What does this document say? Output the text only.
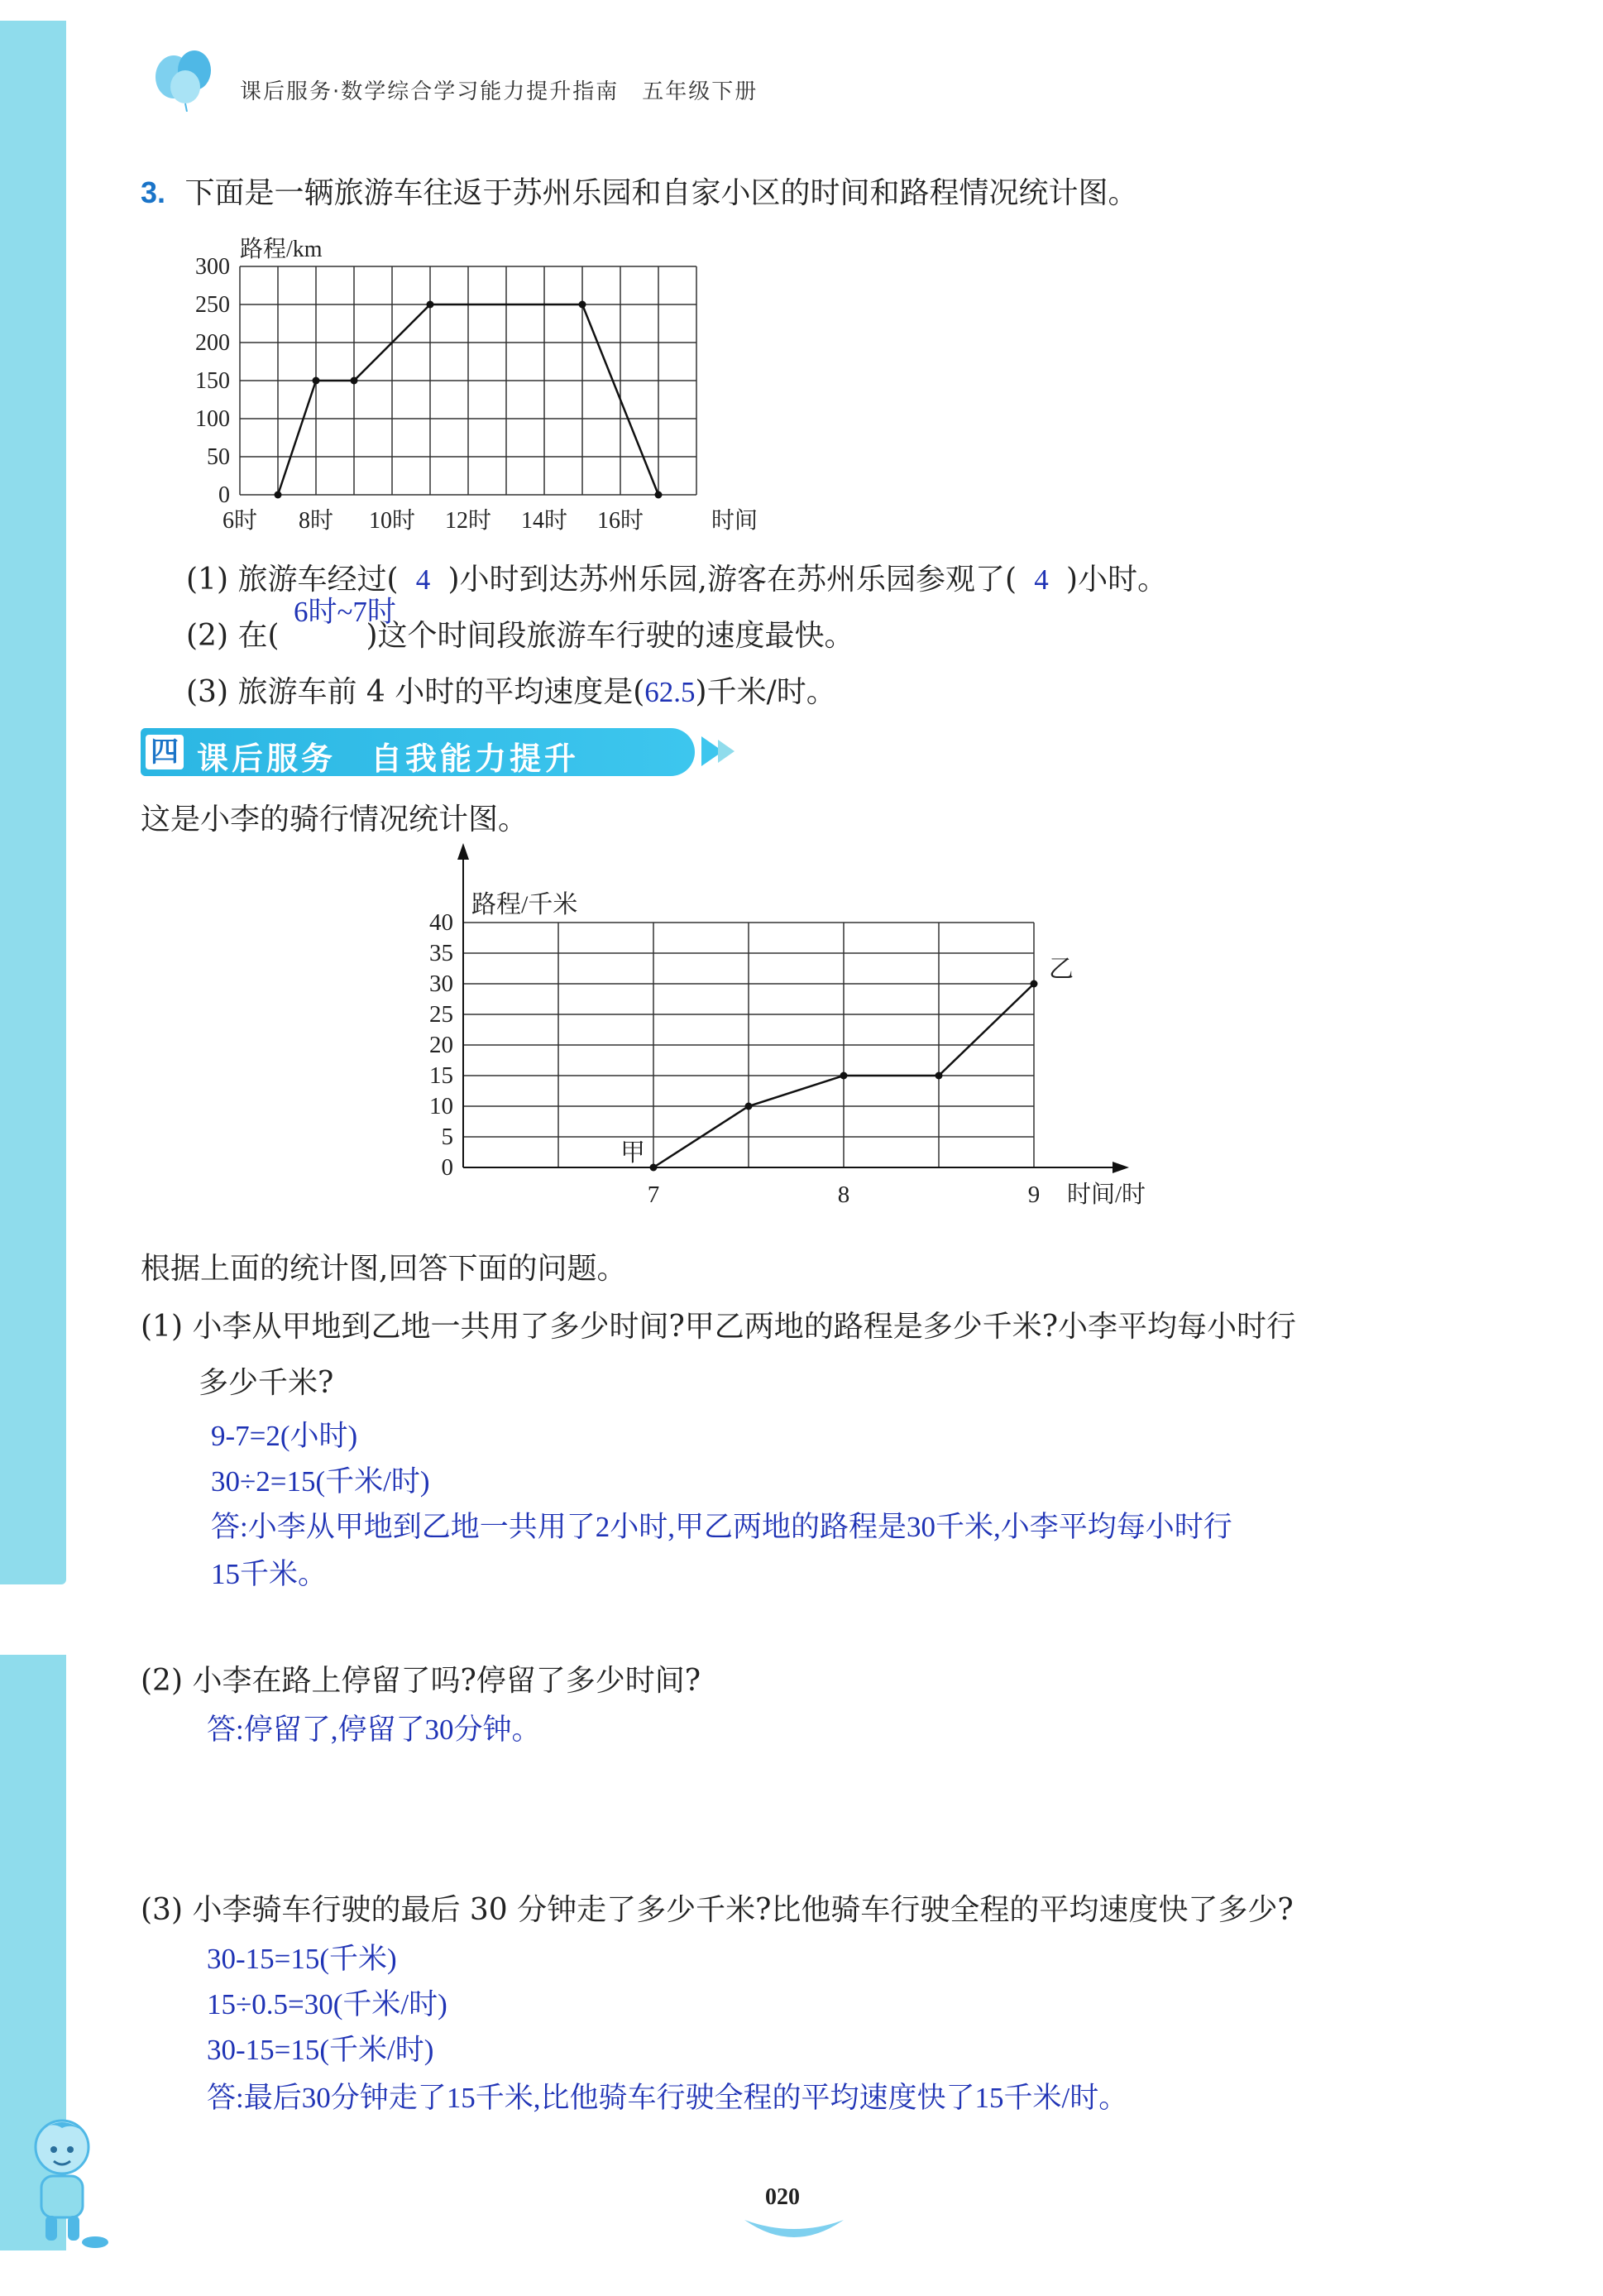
课后服务·数学综合学习能力提升指南　五年级下册
3. 下面是一辆旅游车往返于苏州乐园和自家小区的时间和路程情况统计图。
0
50
100
150
200
250
300
6时 8时 10时 12时 14时 16时	时间
路程/km
(1) 旅游车经过( 4 )小时到达苏州乐园,游客在苏州乐园参观了( 4 )小时。
6时~7时
(2) 在(	)这个时间段旅游车行驶的速度最快。
(3) 旅游车前 4 小时的平均速度是(62.5)千米/时。
四 课后服务　自我能力提升
这是小李的骑行情况统计图。
0
5
10
15
20
25
30
35
40
7	8	9 时间/时
路程/千米
甲
乙
根据上面的统计图,回答下面的问题。
(1) 小李从甲地到乙地一共用了多少时间?甲乙两地的路程是多少千米?小李平均每小时行
多少千米?
9-7=2(小时)
30÷2=15(千米/时)
答:小李从甲地到乙地一共用了2小时,甲乙两地的路程是30千米,小李平均每小时行
15千米。
(2) 小李在路上停留了吗?停留了多少时间?
答:停留了,停留了30分钟。
(3) 小李骑车行驶的最后 30 分钟走了多少千米?比他骑车行驶全程的平均速度快了多少?
30-15=15(千米)
15÷0.5=30(千米/时)
30-15=15(千米/时)
答:最后30分钟走了15千米,比他骑车行驶全程的平均速度快了15千米/时。
020
